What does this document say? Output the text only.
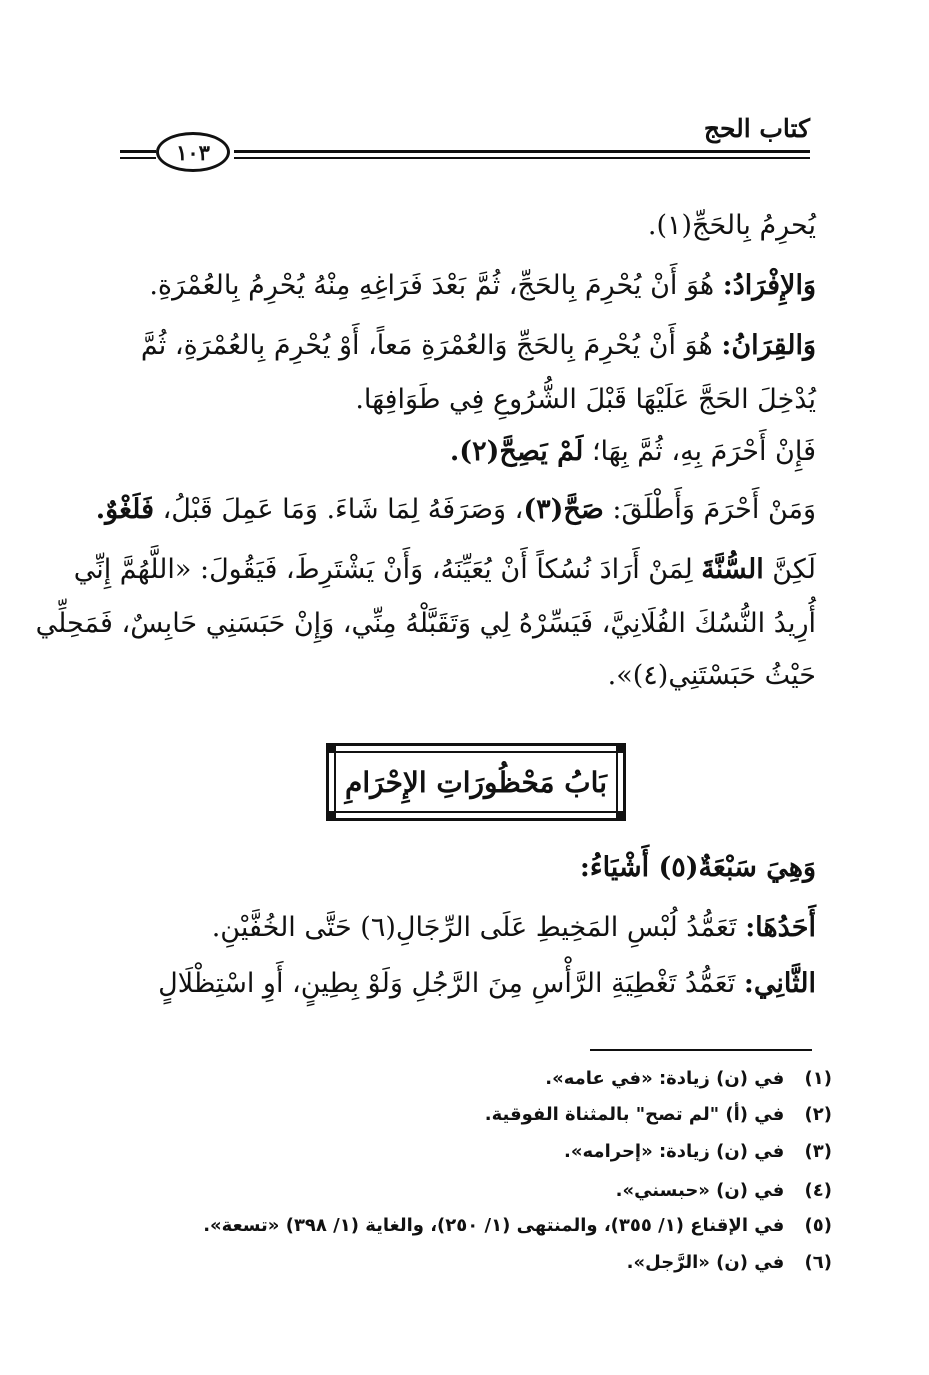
كتاب الحج
١٠٣
يُحرِمُ بِالحَجِّ(١).
وَالإِفْرَادُ: هُوَ أَنْ يُحْرِمَ بِالحَجِّ، ثُمَّ بَعْدَ فَرَاغِهِ مِنْهُ يُحْرِمُ بِالعُمْرَةِ.
وَالقِرَانُ: هُوَ أَنْ يُحْرِمَ بِالحَجِّ وَالعُمْرَةِ مَعاً، أَوْ يُحْرِمَ بِالعُمْرَةِ، ثُمَّ
يُدْخِلَ الحَجَّ عَلَيْهَا قَبْلَ الشُّرُوعِ فِي طَوَافِهَا.
فَإِنْ أَحْرَمَ بِهِ، ثُمَّ بِهَا؛ لَمْ يَصِحَّ(٢).
وَمَنْ أَحْرَمَ وَأَطْلَقَ: صَحَّ(٣)، وَصَرَفَهُ لِمَا شَاءَ. وَمَا عَمِلَ قَبْلُ، فَلَغْوٌ.
لَكِنَّ السُّنَّةَ لِمَنْ أَرَادَ نُسُكاً أَنْ يُعَيِّنَهُ، وَأَنْ يَشْتَرِطَ، فَيَقُولَ: «اللَّهُمَّ إِنِّي
أُرِيدُ النُّسُكَ الفُلَانِيَّ، فَيَسِّرْهُ لِي وَتَقَبَّلْهُ مِنِّي، وَإِنْ حَبَسَنِي حَابِسٌ، فَمَحِلِّي
حَيْثُ حَبَسْتَنِي(٤)».
بَابُ مَحْظُورَاتِ الإِحْرَامِ
وَهِيَ سَبْعَةٌ(٥) أَشْيَاءُ:
أَحَدُهَا: تَعَمُّدُ لُبْسِ المَخِيطِ عَلَى الرِّجَالِ(٦) حَتَّى الخُفَّيْنِ.
الثَّانِي: تَعَمُّدُ تَغْطِيَةِ الرَّأْسِ مِنَ الرَّجُلِ وَلَوْ بِطِينٍ، أَوِ اسْتِظْلَالٍ
(١) في (ن) زيادة: «في عامه».
(٢) في (أ) "لم تصح" بالمثناة الفوقية.
(٣) في (ن) زيادة: «إحرامه».
(٤) في (ن) «حبسني».
(٥) في الإقناع (١/ ٣٥٥)، والمنتهى (١/ ٢٥٠)، والغاية (١/ ٣٩٨) «تسعة».
(٦) في (ن) «الرَّجل».
